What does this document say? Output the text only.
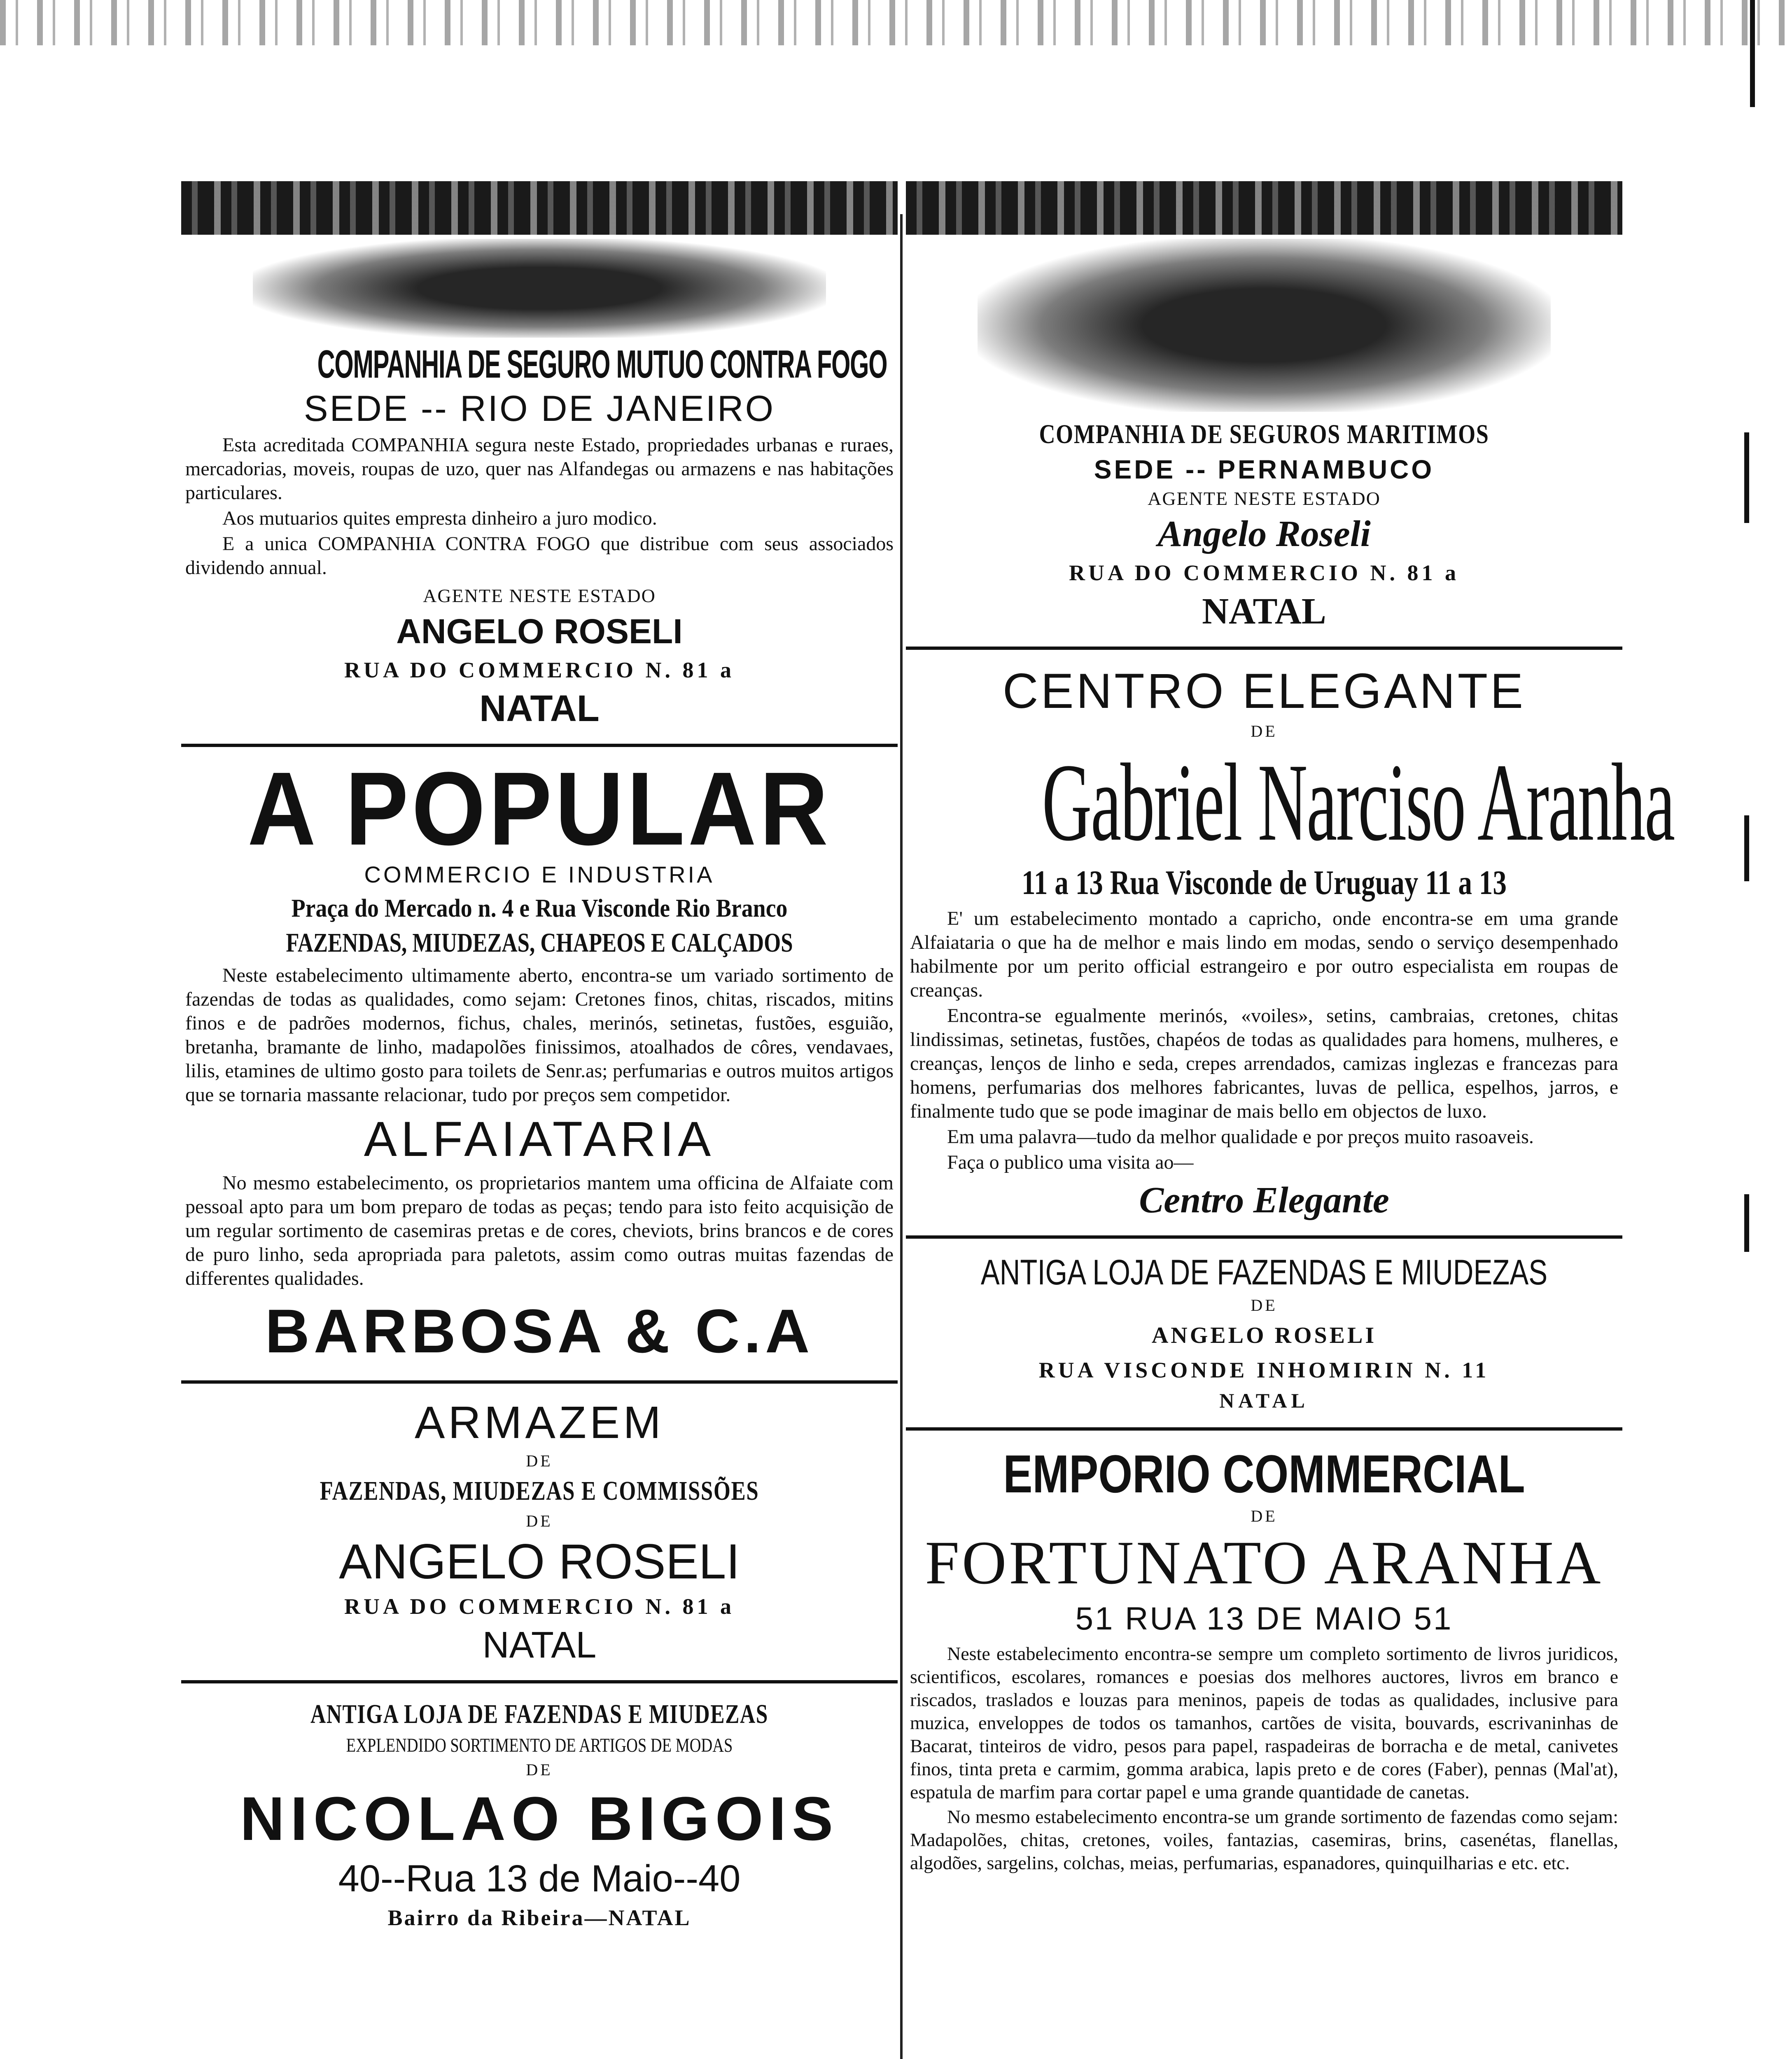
COMPANHIA DE SEGURO MUTUO CONTRA FOGO
SEDE -- RIO DE JANEIRO

Esta acreditada COMPANHIA segura neste Estado, propriedades urbanas e ruraes, mercadorias, moveis, roupas de uzo, quer nas Alfandegas ou armazens e nas habitações particulares.

Aos mutuarios quites empresta dinheiro a juro modico.

E a unica COMPANHIA CONTRA FOGO que distribue com seus associados dividendo annual.

AGENTE NESTE ESTADO
ANGELO ROSELI
RUA DO COMMERCIO N. 81 a
NATAL
A POPULAR
COMMERCIO E INDUSTRIA
Praça do Mercado n. 4 e Rua Visconde Rio Branco
FAZENDAS, MIUDEZAS, CHAPEOS E CALÇADOS

Neste estabelecimento ultimamente aberto, encontra-se um variado sortimento de fazendas de todas as qualidades, como sejam: Cretones finos, chitas, riscados, mitins finos e de padrões modernos, fichus, chales, merinós, setinetas, fustões, esguião, bretanha, bramante de linho, madapolões finissimos, atoalhados de côres, vendavaes, lilis, etamines de ultimo gosto para toilets de Senr.as; perfumarias e outros muitos artigos que se tornaria massante relacionar, tudo por preços sem competidor.

ALFAIATARIA

No mesmo estabelecimento, os proprietarios mantem uma officina de Alfaiate com pessoal apto para um bom preparo de todas as peças; tendo para isto feito acquisição de um regular sortimento de casemiras pretas e de cores, cheviots, brins brancos e de cores de puro linho, seda apropriada para paletots, assim como outras muitas fazendas de differentes qualidades.

BARBOSA & C.A
ARMAZEM
DE
FAZENDAS, MIUDEZAS E COMMISSÕES
DE
ANGELO ROSELI
RUA DO COMMERCIO N. 81 a
NATAL
ANTIGA LOJA DE FAZENDAS E MIUDEZAS
EXPLENDIDO SORTIMENTO DE ARTIGOS DE MODAS
DE
NICOLAO BIGOIS
40--Rua 13 de Maio--40
Bairro da Ribeira—NATAL
COMPANHIA DE SEGUROS MARITIMOS
SEDE -- PERNAMBUCO
AGENTE NESTE ESTADO
Angelo Roseli
RUA DO COMMERCIO N. 81 a
NATAL
CENTRO ELEGANTE
DE
Gabriel Narciso Aranha
11 a 13 Rua Visconde de Uruguay 11 a 13

E' um estabelecimento montado a capricho, onde encontra-se em uma grande Alfaiataria o que ha de melhor e mais lindo em modas, sendo o serviço desempenhado habilmente por um perito official estrangeiro e por outro especialista em roupas de creanças.

Encontra-se egualmente merinós, «voiles», setins, cambraias, cretones, chitas lindissimas, setinetas, fustões, chapéos de todas as qualidades para homens, mulheres, e creanças, lenços de linho e seda, crepes arrendados, camizas inglezas e francezas para homens, perfumarias dos melhores fabricantes, luvas de pellica, espelhos, jarros, e finalmente tudo que se pode imaginar de mais bello em objectos de luxo.

Em uma palavra—tudo da melhor qualidade e por preços muito rasoaveis.

Faça o publico uma visita ao—

Centro Elegante
ANTIGA LOJA DE FAZENDAS E MIUDEZAS
DE
ANGELO ROSELI
RUA VISCONDE INHOMIRIN N. 11
NATAL
EMPORIO COMMERCIAL
DE
FORTUNATO ARANHA
51 RUA 13 DE MAIO 51

Neste estabelecimento encontra-se sempre um completo sortimento de livros juridicos, scientificos, escolares, romances e poesias dos melhores auctores, livros em branco e riscados, traslados e louzas para meninos, papeis de todas as qualidades, inclusive para muzica, enveloppes de todos os tamanhos, cartões de visita, bouvards, escrivaninhas de Bacarat, tinteiros de vidro, pesos para papel, raspadeiras de borracha e de metal, canivetes finos, tinta preta e carmim, gomma arabica, lapis preto e de cores (Faber), pennas (Mal'at), espatula de marfim para cortar papel e uma grande quantidade de canetas.

No mesmo estabelecimento encontra-se um grande sortimento de fazendas como sejam: Madapolões, chitas, cretones, voiles, fantazias, casemiras, brins, casenétas, flanellas, algodões, sargelins, colchas, meias, perfumarias, espanadores, quinquilharias e etc. etc.
